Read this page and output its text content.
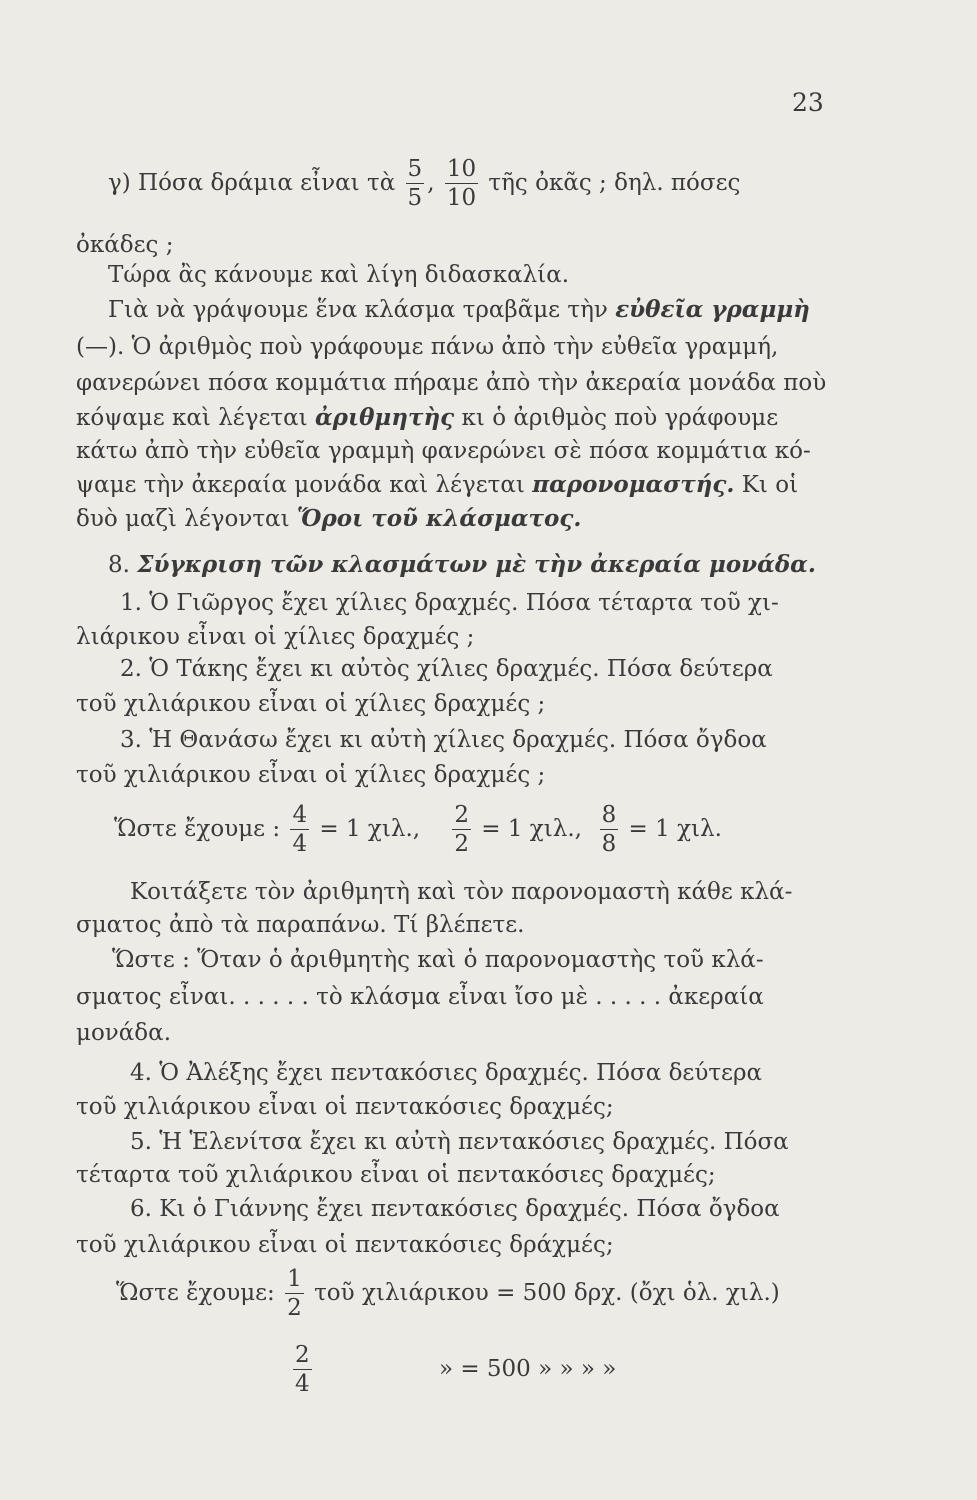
23
γ) Πόσα δράμια εἶναι τὰ $\frac{5}{5}$ , $\frac{10}{10}$ τῆς ὀκᾶς ; δηλ. πόσες
ὀκάδες ;
Τώρα ἂς κάνουμε καὶ λίγη διδασκαλία.
Γιὰ νὰ γράψουμε ἕνα κλάσμα τραβᾶμε τὴν εὐθεῖα γραμμὴ
(—). Ὁ ἀριθμὸς ποὺ γράφουμε πάνω ἀπὸ τὴν εὐθεῖα γραμμή,
φανερώνει πόσα κομμάτια πήραμε ἀπὸ τὴν ἀκεραία μονάδα ποὺ
κόψαμε καὶ λέγεται ἀριθμητὴς κι ὁ ἀριθμὸς ποὺ γράφουμε
κάτω ἀπὸ τὴν εὐθεῖα γραμμὴ φανερώνει σὲ πόσα κομμάτια κό-
ψαμε τὴν ἀκεραία μονάδα καὶ λέγεται παρονομαστής. Κι οἱ
δυὸ μαζὶ λέγονται Ὅροι τοῦ κλάσματος.
8. Σύγκριση τῶν κλασμάτων μὲ τὴν ἀκεραία μονάδα.
1. Ὁ Γιῶργος ἔχει χίλιες δραχμές. Πόσα τέταρτα τοῦ χι-
λιάρικου εἶναι οἱ χίλιες δραχμές ;
2. Ὁ Τάκης ἔχει κι αὐτὸς χίλιες δραχμές. Πόσα δεύτερα
τοῦ χιλιάρικου εἶναι οἱ χίλιες δραχμές ;
3. Ἡ Θανάσω ἔχει κι αὐτὴ χίλιες δραχμές. Πόσα ὄγδοα
τοῦ χιλιάρικου εἶναι οἱ χίλιες δραχμές ;
Ὥστε ἔχουμε : $\frac{4}{4} = 1$ χιλ., $\frac{2}{2} = 1$ χιλ., $\frac{8}{8} = 1$ χιλ.
Κοιτάξετε τὸν ἀριθμητὴ καὶ τὸν παρονομαστὴ κάθε κλά-
σματος ἀπὸ τὰ παραπάνω. Τί βλέπετε.
Ὥστε : Ὅταν ὁ ἀριθμητὴς καὶ ὁ παρονομαστὴς τοῦ κλά-
σματος εἶναι. . . . . . τὸ κλάσμα εἶναι ἴσο μὲ . . . . . ἀκεραία
μονάδα.
4. Ὁ Ἀλέξης ἔχει πεντακόσιες δραχμές. Πόσα δεύτερα
τοῦ χιλιάρικου εἶναι οἱ πεντακόσιες δραχμές;
5. Ἡ Ἑλενίτσα ἔχει κι αὐτὴ πεντακόσιες δραχμές. Πόσα
τέταρτα τοῦ χιλιάρικου εἶναι οἱ πεντακόσιες δραχμές;
6. Κι ὁ Γιάννης ἔχει πεντακόσιες δραχμές. Πόσα ὄγδοα
τοῦ χιλιάρικου εἶναι οἱ πεντακόσιες δράχμές;
Ὥστε ἔχουμε: $\frac{1}{2}$ τοῦ χιλιάρικου = 500 δρχ. (ὄχι ὁλ. χιλ.)
$\frac{2}{4}$	» = 500 » » » »
